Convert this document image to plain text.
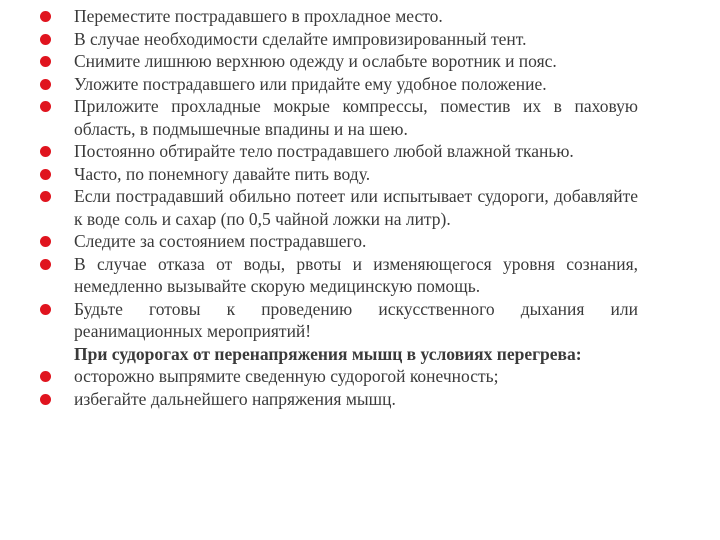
Переместите пострадавшего в прохладное место.
В случае необходимости сделайте импровизированный тент.
Снимите лишнюю верхнюю одежду и ослабьте воротник и пояс.
Уложите пострадавшего или придайте ему удобное положение.
Приложите прохладные мокрые компрессы, поместив их в паховую область, в подмышечные впадины и на шею.
Постоянно обтирайте тело пострадавшего любой влажной тканью.
Часто, по понемногу давайте пить воду.
Если пострадавший обильно потеет или испытывает судороги, добавляйте к воде соль и сахар (по 0,5 чайной ложки на литр).
Следите за состоянием пострадавшего.
В случае отказа от воды, рвоты и изменяющегося уровня сознания, немедленно вызывайте скорую медицинскую помощь.
Будьте готовы к проведению искусственного дыхания или реанимационных мероприятий!
При судорогах от перенапряжения мышц в условиях перегрева:
осторожно выпрямите сведенную судорогой конечность;
избегайте дальнейшего напряжения мышц.
